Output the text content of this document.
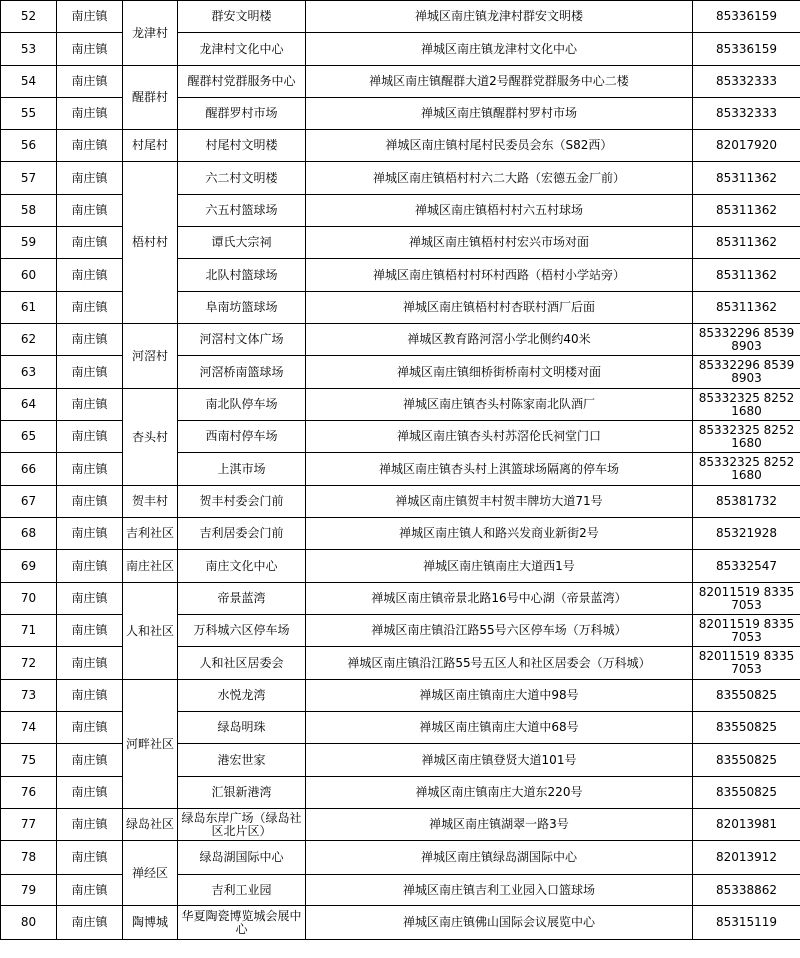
52	南庄镇	龙津村	群安文明楼	禅城区南庄镇龙津村群安文明楼	85336159
53	南庄镇		龙津村文化中心	禅城区南庄镇龙津村文化中心	85336159
54	南庄镇	醒群村	醒群村党群服务中心	禅城区南庄镇醒群大道2号醒群党群服务中心二楼	85332333
55	南庄镇		醒群罗村市场	禅城区南庄镇醒群村罗村市场	85332333
56	南庄镇	村尾村	村尾村文明楼	禅城区南庄镇村尾村民委员会东（S82西）	82017920
57	南庄镇	梧村村	六二村文明楼	禅城区南庄镇梧村村六二大路（宏德五金厂前）	85311362
58	南庄镇		六五村篮球场	禅城区南庄镇梧村村六五村球场	85311362
59	南庄镇		谭氏大宗祠	禅城区南庄镇梧村村宏兴市场对面	85311362
60	南庄镇		北队村篮球场	禅城区南庄镇梧村村环村西路（梧村小学站旁）	85311362
61	南庄镇		阜南坊篮球场	禅城区南庄镇梧村村杏联村酒厂后面	85311362
62	南庄镇	河滘村	河滘村文体广场	禅城区教育路河滘小学北侧约40米	85332296 85398903
63	南庄镇		河滘桥南篮球场	禅城区南庄镇细桥街桥南村文明楼对面	85332296 85398903
64	南庄镇	杏头村	南北队停车场	禅城区南庄镇杏头村陈家南北队酒厂	85332325 82521680
65	南庄镇		西南村停车场	禅城区南庄镇杏头村苏滘伦氏祠堂门口	85332325 82521680
66	南庄镇		上淇市场	禅城区南庄镇杏头村上淇篮球场隔离的停车场	85332325 82521680
67	南庄镇	贺丰村	贺丰村委会门前	禅城区南庄镇贺丰村贺丰牌坊大道71号	85381732
68	南庄镇	吉利社区	吉利居委会门前	禅城区南庄镇人和路兴发商业新街2号	85321928
69	南庄镇	南庄社区	南庄文化中心	禅城区南庄镇南庄大道西1号	85332547
70	南庄镇	人和社区	帝景蓝湾	禅城区南庄镇帝景北路16号中心湖（帝景蓝湾）	82011519 83357053
71	南庄镇		万科城六区停车场	禅城区南庄镇沿江路55号六区停车场（万科城）	82011519 83357053
72	南庄镇		人和社区居委会	禅城区南庄镇沿江路55号五区人和社区居委会（万科城）	82011519 83357053
73	南庄镇	河畔社区	水悦龙湾	禅城区南庄镇南庄大道中98号	83550825
74	南庄镇		绿岛明珠	禅城区南庄镇南庄大道中68号	83550825
75	南庄镇		港宏世家	禅城区南庄镇登贤大道101号	83550825
76	南庄镇		汇银新港湾	禅城区南庄镇南庄大道东220号	83550825
77	南庄镇	绿岛社区	绿岛东岸广场（绿岛社区北片区）	禅城区南庄镇湖翠一路3号	82013981
78	南庄镇	禅经区	绿岛湖国际中心	禅城区南庄镇绿岛湖国际中心	82013912
79	南庄镇		吉利工业园	禅城区南庄镇吉利工业园入口篮球场	85338862
80	南庄镇	陶博城	华夏陶瓷博览城会展中心	禅城区南庄镇佛山国际会议展览中心	85315119
